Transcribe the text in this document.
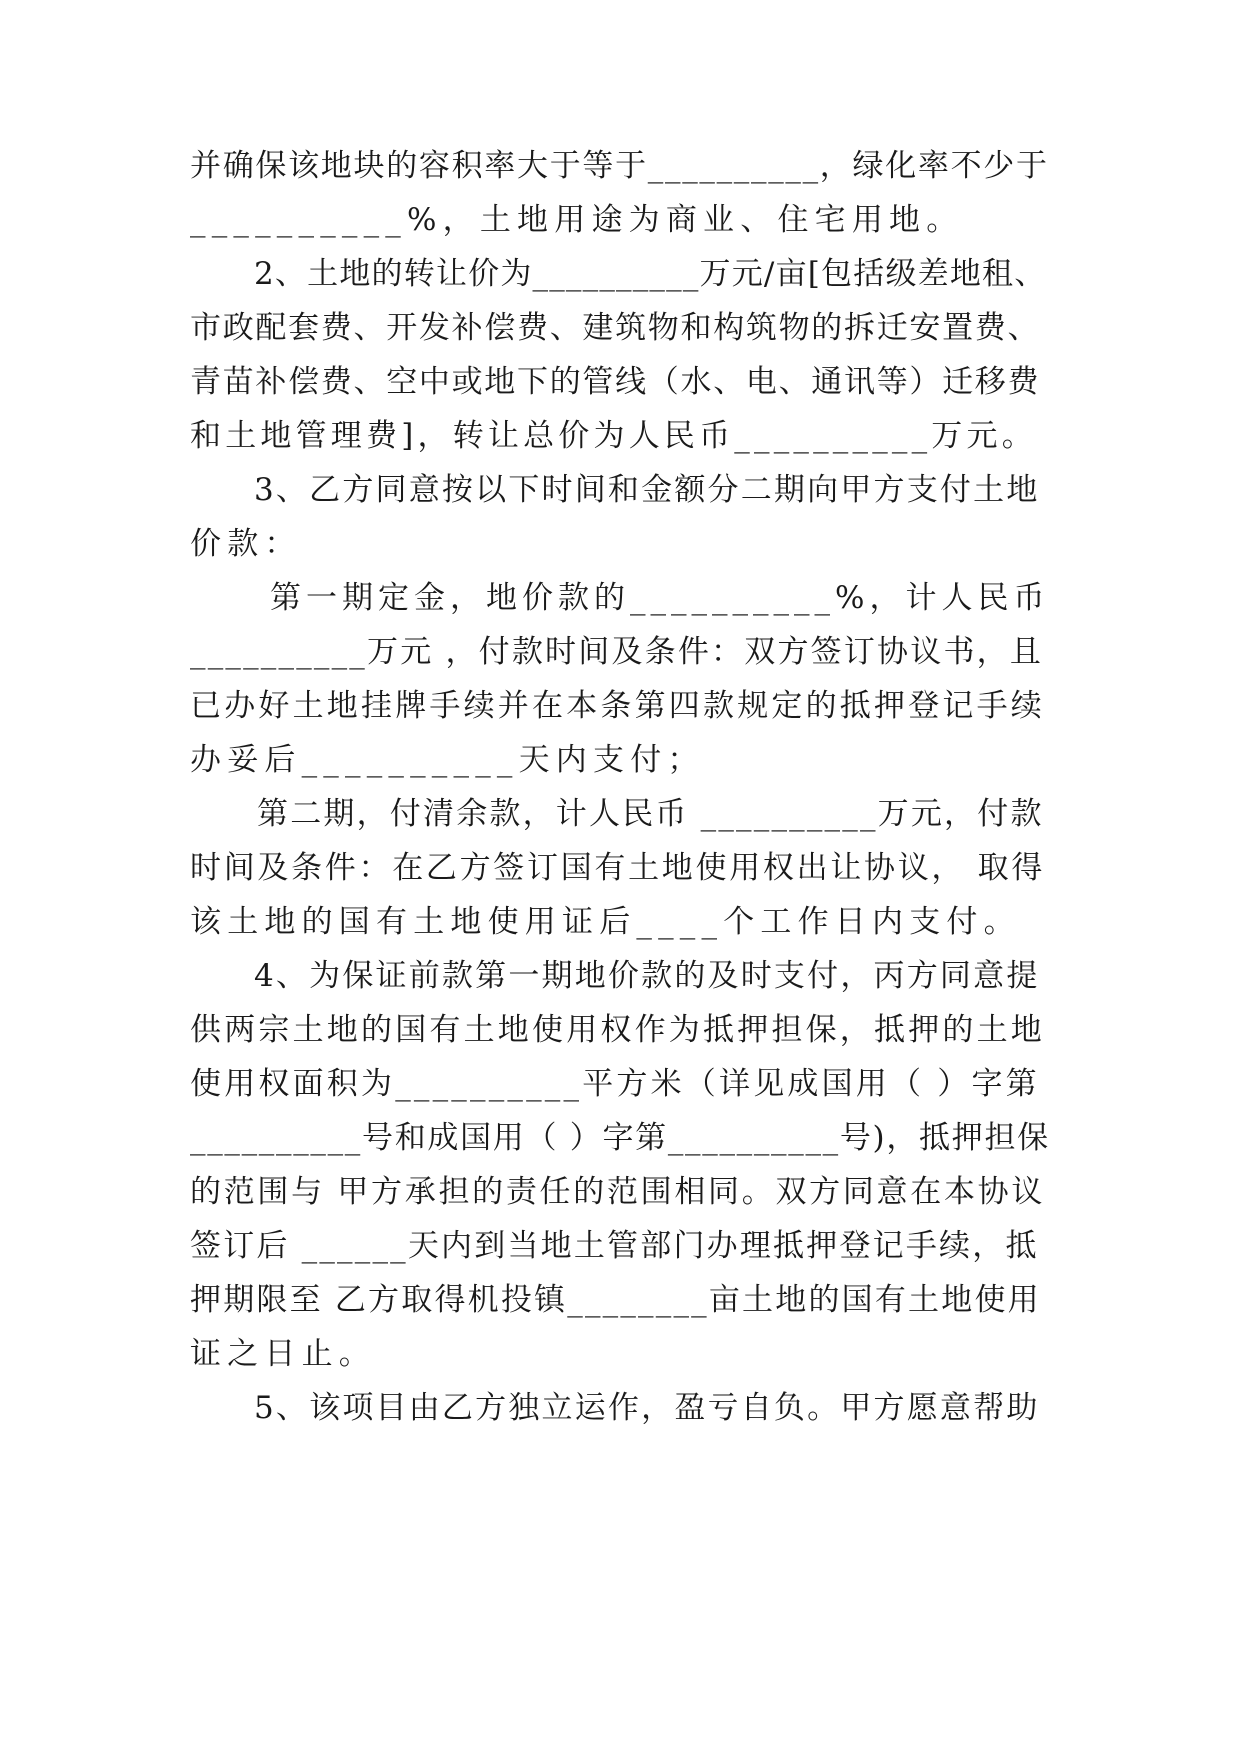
并确保该地块的容积率大于等于__________，绿化率不少于
__________%，土地用途为商业、住宅用地。
2、土地的转让价为__________万元/亩[包括级差地租、
市政配套费、开发补偿费、建筑物和构筑物的拆迁安置费、
青苗补偿费、空中或地下的管线（水、电、通讯等）迁移费
和土地管理费]，转让总价为人民币__________万元。
3、乙方同意按以下时间和金额分二期向甲方支付土地
价款：
第一期定金，地价款的__________%，计人民币
__________万元 ，付款时间及条件：双方签订协议书，且
已办好土地挂牌手续并在本条第四款规定的抵押登记手续
办妥后__________天内支付；
第二期，付清余款，计人民币 __________万元，付款
时间及条件：在乙方签订国有土地使用权出让协议， 取得
该土地的国有土地使用证后____个工作日内支付。
4、为保证前款第一期地价款的及时支付，丙方同意提
供两宗土地的国有土地使用权作为抵押担保，抵押的土地
使用权面积为__________平方米（详见成国用（ ）字第
__________号和成国用（ ）字第__________号)，抵押担保
的范围与 甲方承担的责任的范围相同。双方同意在本协议
签订后 ______天内到当地土管部门办理抵押登记手续，抵
押期限至 乙方取得机投镇________亩土地的国有土地使用
证之日止。
5、该项目由乙方独立运作，盈亏自负。甲方愿意帮助
